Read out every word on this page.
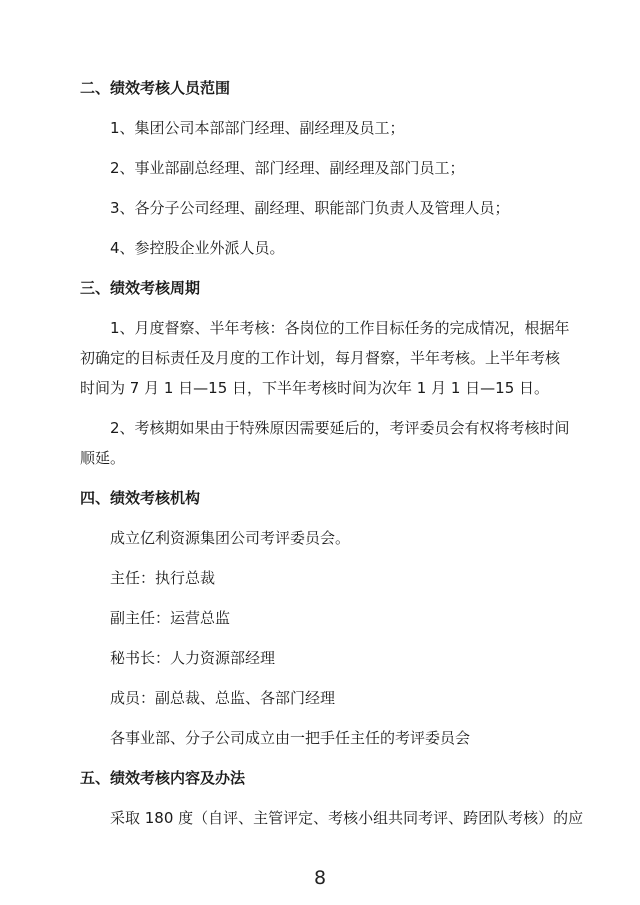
二、绩效考核人员范围
1、集团公司本部部门经理、副经理及员工；
2、事业部副总经理、部门经理、副经理及部门员工；
3、各分子公司经理、副经理、职能部门负责人及管理人员；
4、参控股企业外派人员。
三、绩效考核周期
1、月度督察、半年考核：各岗位的工作目标任务的完成情况，根据年
初确定的目标责任及月度的工作计划，每月督察，半年考核。上半年考核
时间为 7 月 1 日—15 日，下半年考核时间为次年 1 月 1 日—15 日。
2、考核期如果由于特殊原因需要延后的，考评委员会有权将考核时间
顺延。
四、绩效考核机构
成立亿利资源集团公司考评委员会。
主任：执行总裁
副主任：运营总监
秘书长：人力资源部经理
成员：副总裁、总监、各部门经理
各事业部、分子公司成立由一把手任主任的考评委员会
五、绩效考核内容及办法
采取 180 度（自评、主管评定、考核小组共同考评、跨团队考核）的应
8
